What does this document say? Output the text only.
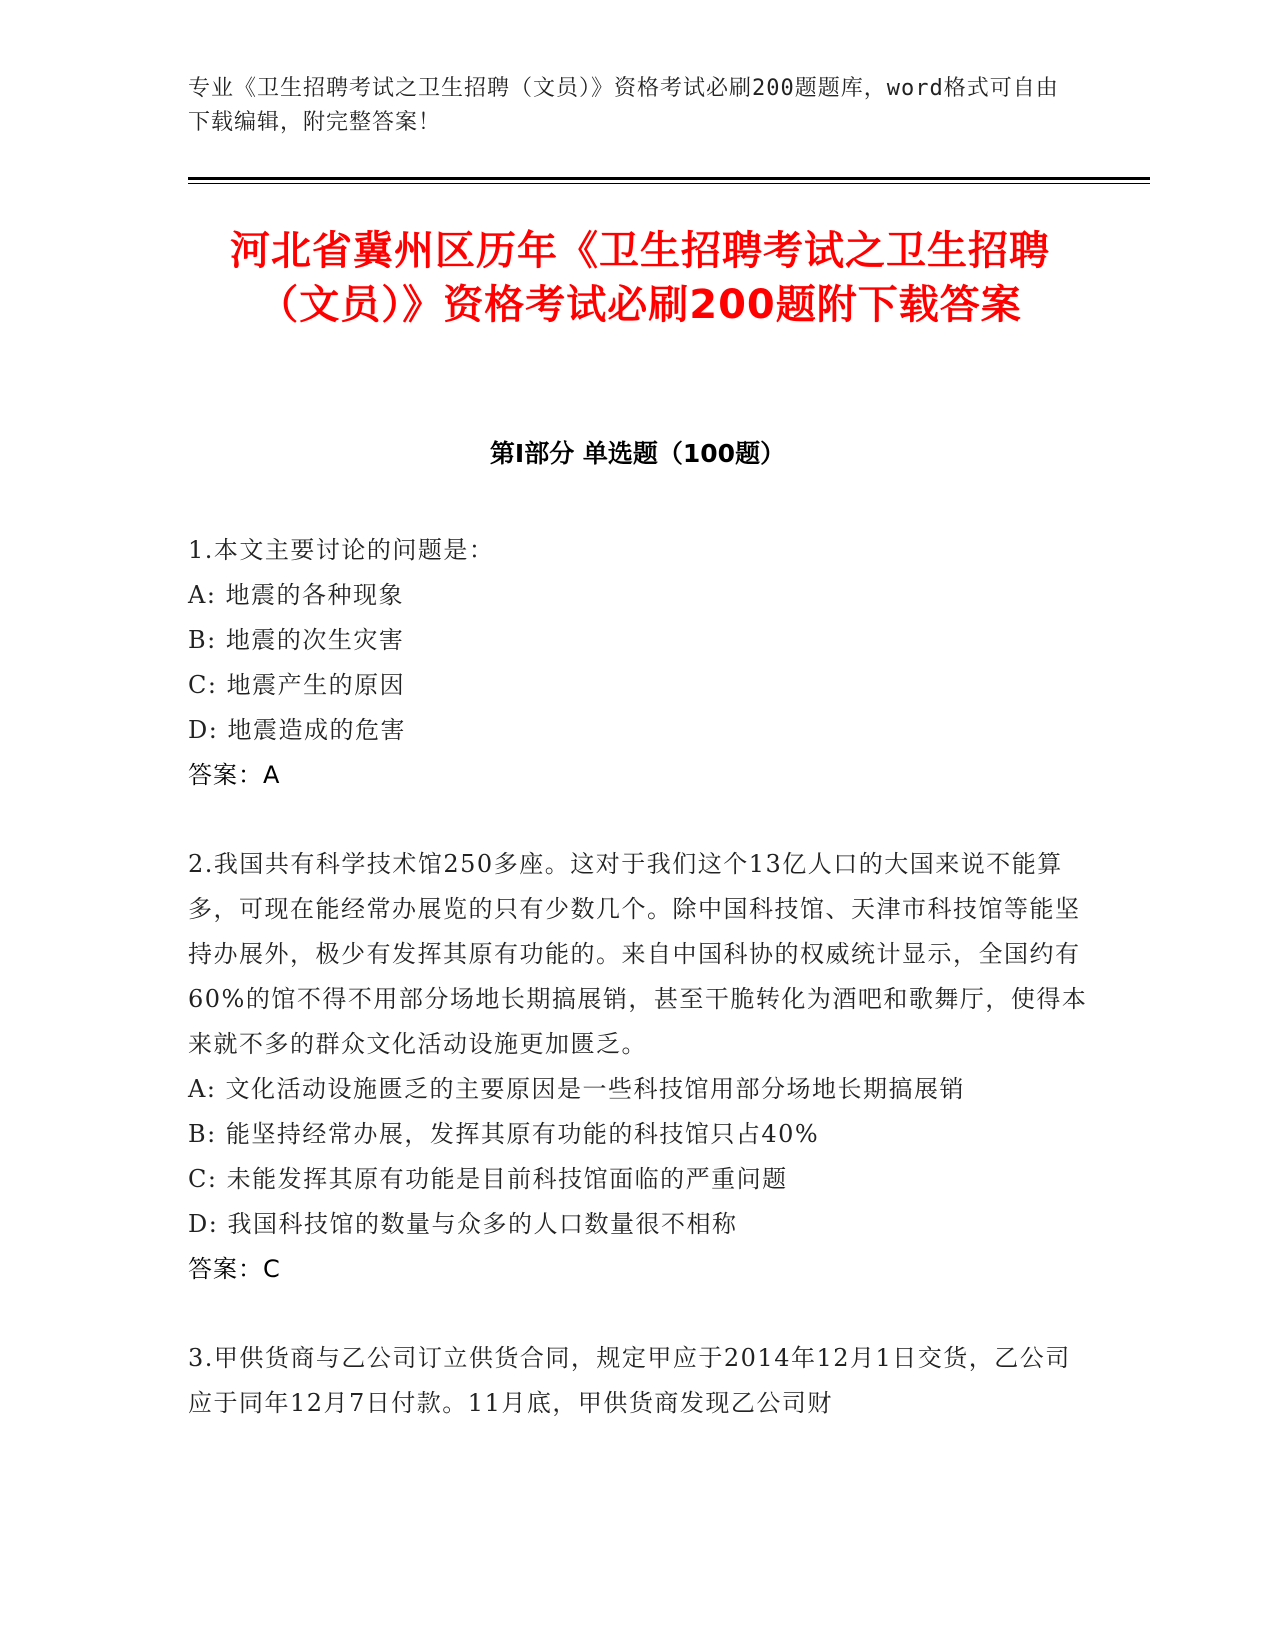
专业《卫生招聘考试之卫生招聘（文员）》资格考试必刷200题题库，word格式可自由下载编辑，附完整答案！
河北省冀州区历年《卫生招聘考试之卫生招聘（文员）》资格考试必刷200题附下载答案
第I部分 单选题（100题）

1.本文主要讨论的问题是：

A: 地震的各种现象

B: 地震的次生灾害

C: 地震产生的原因

D: 地震造成的危害

答案：A

2.我国共有科学技术馆250多座。这对于我们这个13亿人口的大国来说不能算多，可现在能经常办展览的只有少数几个。除中国科技馆、天津市科技馆等能坚持办展外，极少有发挥其原有功能的。来自中国科协的权威统计显示，全国约有60%的馆不得不用部分场地长期搞展销，甚至干脆转化为酒吧和歌舞厅，使得本来就不多的群众文化活动设施更加匮乏。

A: 文化活动设施匮乏的主要原因是一些科技馆用部分场地长期搞展销

B: 能坚持经常办展，发挥其原有功能的科技馆只占40%

C: 未能发挥其原有功能是目前科技馆面临的严重问题

D: 我国科技馆的数量与众多的人口数量很不相称

答案：C

3.甲供货商与乙公司订立供货合同，规定甲应于2014年12月1日交货，乙公司应于同年12月7日付款。11月底，甲供货商发现乙公司财
